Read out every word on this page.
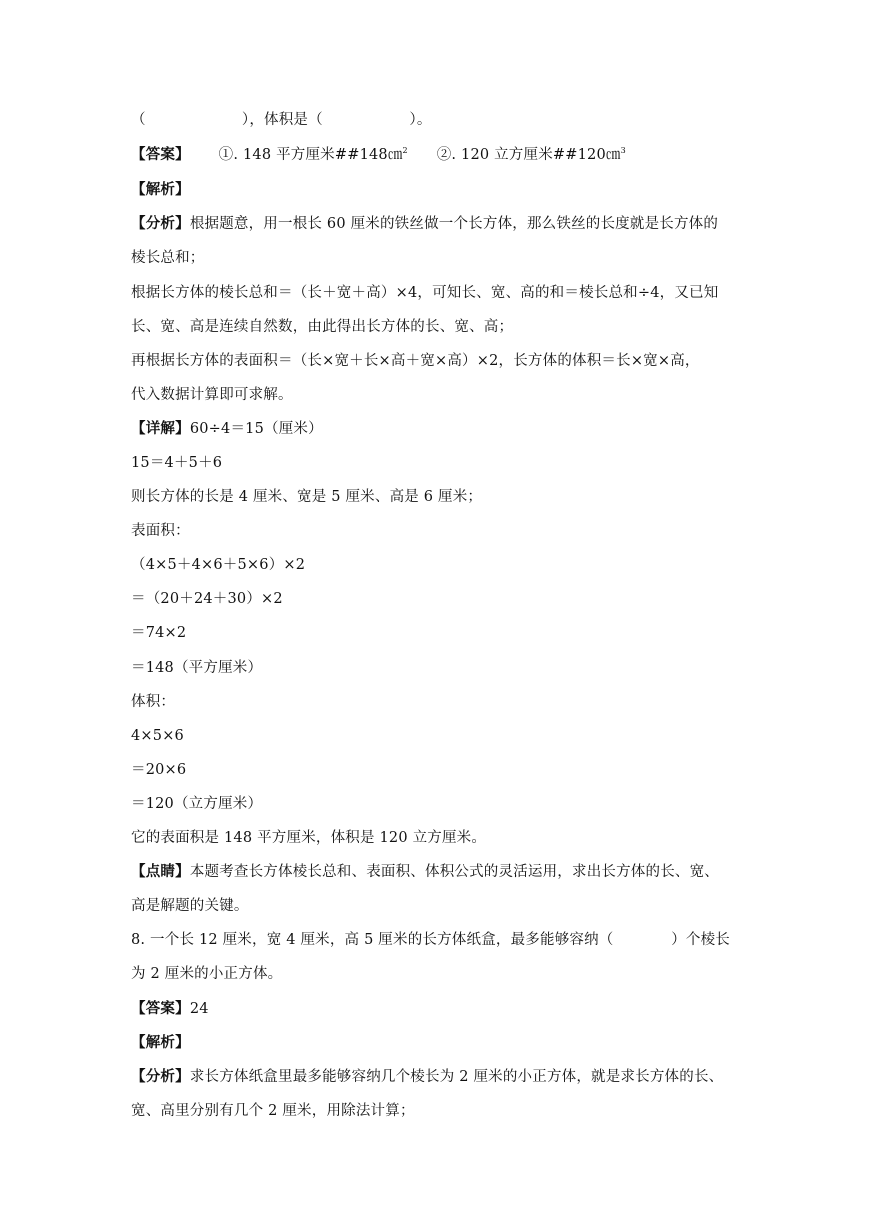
（                    ），体积是（                  ）。
【答案】      ①. 148 平方厘米##148㎝$^2$      ②. 120 立方厘米##120㎝$^3$
【解析】
【分析】根据题意，用一根长 60 厘米的铁丝做一个长方体，那么铁丝的长度就是长方体的
棱长总和；
根据长方体的棱长总和＝（长＋宽＋高）×4，可知长、宽、高的和＝棱长总和÷4，又已知
长、宽、高是连续自然数，由此得出长方体的长、宽、高；
再根据长方体的表面积＝（长×宽＋长×高＋宽×高）×2，长方体的体积＝长×宽×高，
代入数据计算即可求解。
【详解】60÷4＝15（厘米）
15＝4＋5＋6
则长方体的长是 4 厘米、宽是 5 厘米、高是 6 厘米；
表面积：
（4×5＋4×6＋5×6）×2
＝（20＋24＋30）×2
＝74×2
＝148（平方厘米）
体积：
4×5×6
＝20×6
＝120（立方厘米）
它的表面积是 148 平方厘米，体积是 120 立方厘米。
【点睛】本题考查长方体棱长总和、表面积、体积公式的灵活运用，求出长方体的长、宽、
高是解题的关键。
8. 一个长 12 厘米，宽 4 厘米，高 5 厘米的长方体纸盒，最多能够容纳（            ）个棱长
为 2 厘米的小正方体。
【答案】24
【解析】
【分析】求长方体纸盒里最多能够容纳几个棱长为 2 厘米的小正方体，就是求长方体的长、
宽、高里分别有几个 2 厘米，用除法计算；
